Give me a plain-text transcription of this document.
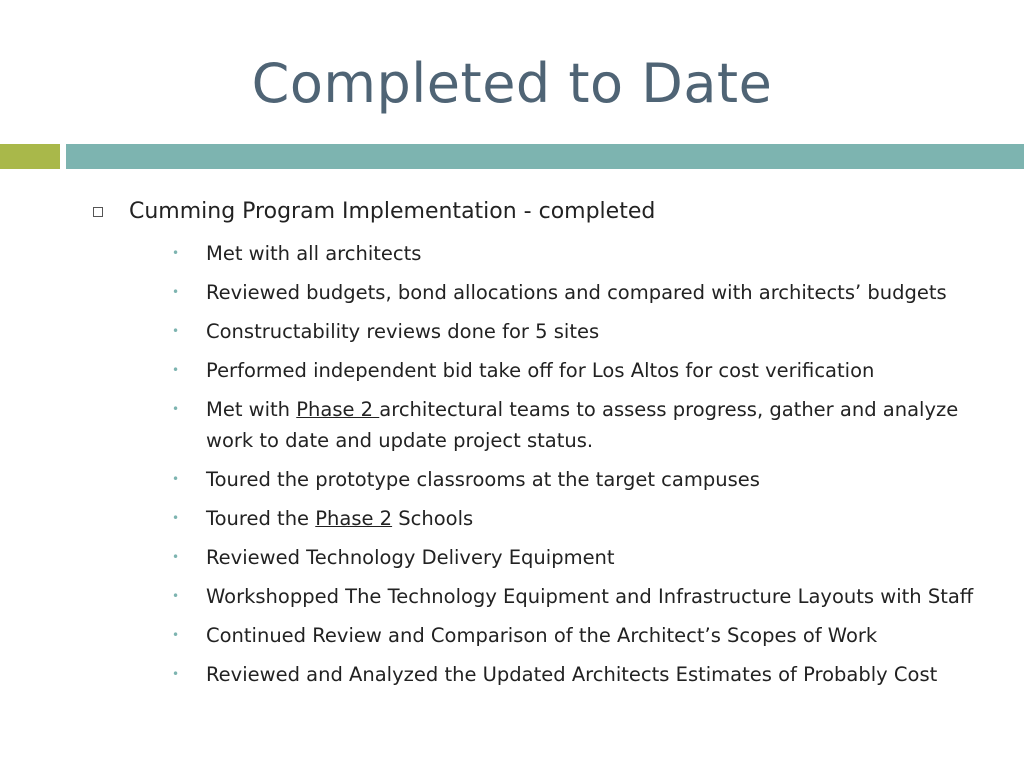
Completed to Date
Cumming Program Implementation - completed
• Met with all architects
• Reviewed budgets, bond allocations and compared with architects’ budgets
• Constructability reviews done for 5 sites
• Performed independent bid take off for Los Altos for cost verification
• Met with Phase 2 architectural teams to assess progress, gather and analyze
work to date and update project status.
• Toured the prototype classrooms at the target campuses
• Toured the Phase 2 Schools
• Reviewed Technology Delivery Equipment
• Workshopped The Technology Equipment and Infrastructure Layouts with Staff
• Continued Review and Comparison of the Architect’s Scopes of Work
• Reviewed and Analyzed the Updated Architects Estimates of Probably Cost
